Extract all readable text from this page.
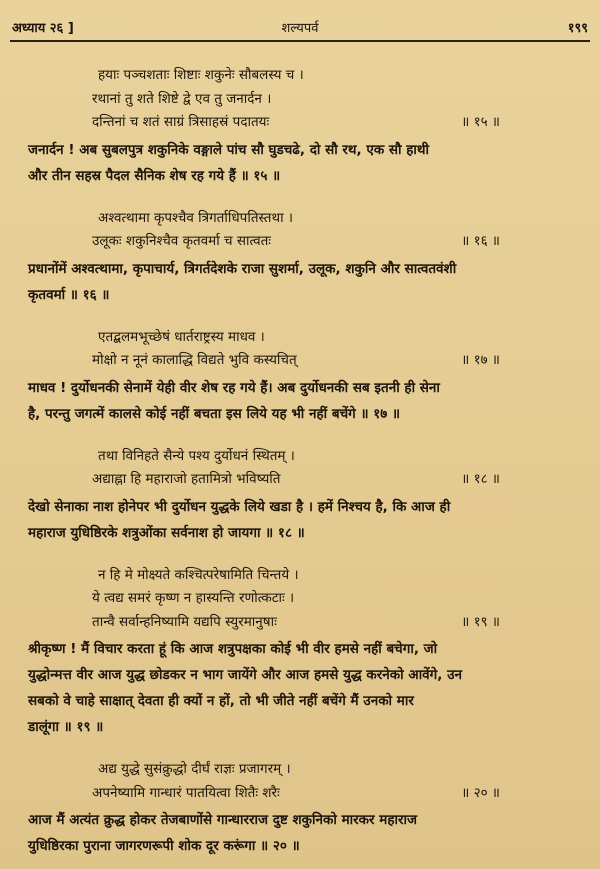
अध्याय २६ ]	शल्यपर्व	१९९
हयाः पञ्चशताः शिष्टाः शकुनेः सौबलस्य च ।
रथानां तु शते शिष्टे द्वे एव तु जनार्दन ।
दन्तिनां च शतं साग्रं त्रिसाहस्रं पदातयः	॥ १५ ॥
जनार्दन ! अब सुबलपुत्र शकुनिके वङ्गाले पांच सौ घुडचढे, दो सौ रथ, एक सौ हाथी
और तीन सहस्र पैदल सैनिक शेष रह गये हैं ॥ १५ ॥
अश्वत्थामा कृपश्चैव त्रिगर्ताधिपतिस्तथा ।
उलूकः शकुनिश्चैव कृतवर्मा च सात्वतः	॥ १६ ॥
प्रधानोंमें अश्वत्थामा, कृपाचार्य, त्रिगर्तदेशके राजा सुशर्मा, उलूक, शकुनि और सात्वतवंशी
कृतवर्मा ॥ १६ ॥
एतद्बलमभूच्छेषं धार्तराष्ट्रस्य माधव ।
मोक्षो न नूनं कालाद्धि विद्यते भुवि कस्यचित्	॥ १७ ॥
माधव ! दुर्योधनकी सेनामें येही वीर शेष रह गये हैं। अब दुर्योधनकी सब इतनी ही सेना
है, परन्तु जगत्में कालसे कोई नहीं बचता इस लिये यह भी नहीं बचेंगे ॥ १७ ॥
तथा विनिहते सैन्ये पश्य दुर्योधनं स्थितम् ।
अद्याह्ना हि महाराजो हतामित्रो भविष्यति	॥ १८ ॥
देखो सेनाका नाश होनेपर भी दुर्योधन युद्धके लिये खडा है । हमें निश्चय है, कि आज ही
महाराज युधिष्ठिरके शत्रुओंका सर्वनाश हो जायगा ॥ १८ ॥
न हि मे मोक्ष्यते कश्चित्परेषामिति चिन्तये ।
ये त्वद्य समरं कृष्ण न हास्यन्ति रणोत्कटाः ।
तान्वै सर्वान्हनिष्यामि यद्यपि स्युरमानुषाः	॥ १९ ॥
श्रीकृष्ण ! मैं विचार करता हूं कि आज शत्रुपक्षका कोई भी वीर हमसे नहीं बचेगा, जो
युद्धोन्मत्त वीर आज युद्ध छोडकर न भाग जायेंगे और आज हमसे युद्ध करनेको आवेंगे, उन
सबको वे चाहे साक्षात् देवता ही क्यों न हों, तो भी जीते नहीं बचेंगे मैं उनको मार
डालूंगा ॥ १९ ॥
अद्य युद्धे सुसंक्रुद्धो दीर्घं राज्ञः प्रजागरम् ।
अपनेष्यामि गान्धारं पातयित्वा शितैः शरैः	॥ २० ॥
आज मैं अत्यंत क्रुद्ध होकर तेजबाणोंसे गान्धारराज दुष्ट शकुनिको मारकर महाराज
युधिष्ठिरका पुराना जागरणरूपी शोक दूर करूंगा ॥ २० ॥
